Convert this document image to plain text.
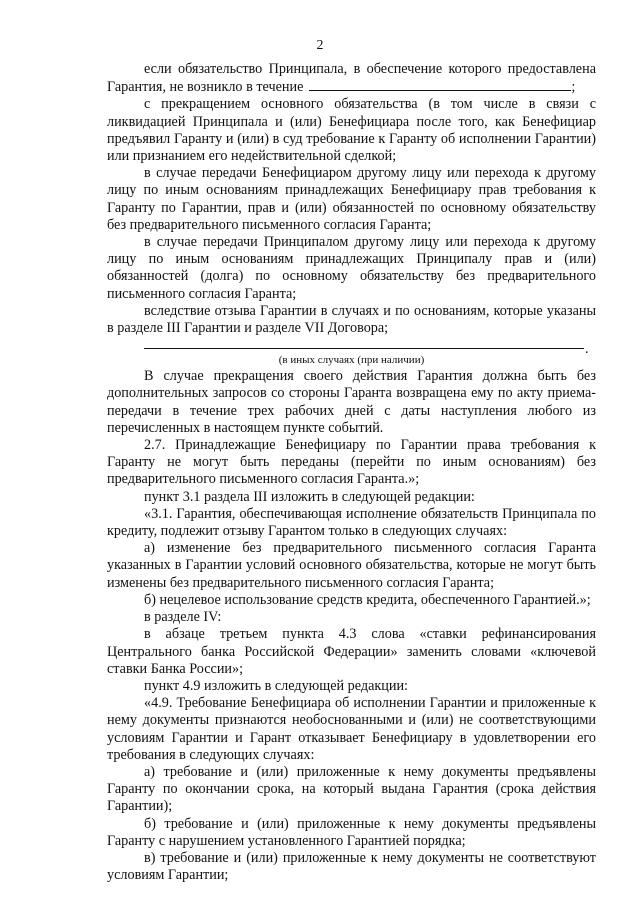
2

если обязательство Принципала, в обеспечение которого предоставлена Гарантия, не возникло в течение	;

с прекращением основного обязательства (в том числе в связи с ликвидацией Принципала и (или) Бенефициара после того, как Бенефициар предъявил Гаранту и (или) в суд требование к Гаранту об исполнении Гарантии) или признанием его недействительной сделкой;

в случае передачи Бенефициаром другому лицу или перехода к другому лицу по иным основаниям принадлежащих Бенефициару прав требования к Гаранту по Гарантии, прав и (или) обязанностей по основному обязательству без предварительного письменного согласия Гаранта;

в случае передачи Принципалом другому лицу или перехода к другому лицу по иным основаниям принадлежащих Принципалу прав и (или) обязанностей (долга) по основному обязательству без предварительного письменного согласия Гаранта;

вследствие отзыва Гарантии в случаях и по основаниям, которые указаны в разделе III Гарантии и разделе VII Договора;

.

(в иных случаях (при наличии)

В случае прекращения своего действия Гарантия должна быть без дополнительных запросов со стороны Гаранта возвращена ему по акту приема-передачи в течение трех рабочих дней с даты наступления любого из перечисленных в настоящем пункте событий.

2.7. Принадлежащие Бенефициару по Гарантии права требования к Гаранту не могут быть переданы (перейти по иным основаниям) без предварительного письменного согласия Гаранта.»;

пункт 3.1 раздела III изложить в следующей редакции:

«3.1. Гарантия, обеспечивающая исполнение обязательств Принципала по кредиту, подлежит отзыву Гарантом только в следующих случаях:

а) изменение без предварительного письменного согласия Гаранта указанных в Гарантии условий основного обязательства, которые не могут быть изменены без предварительного письменного согласия Гаранта;

б) нецелевое использование средств кредита, обеспеченного Гарантией.»;

в разделе IV:

в абзаце третьем пункта 4.3 слова «ставки рефинансирования Центрального банка Российской Федерации» заменить словами «ключевой ставки Банка России»;

пункт 4.9 изложить в следующей редакции:

«4.9. Требование Бенефициара об исполнении Гарантии и приложенные к нему документы признаются необоснованными и (или) не соответствующими условиям Гарантии и Гарант отказывает Бенефициару в удовлетворении его требования в следующих случаях:

а) требование и (или) приложенные к нему документы предъявлены Гаранту по окончании срока, на который выдана Гарантия (срока действия Гарантии);

б) требование и (или) приложенные к нему документы предъявлены Гаранту с нарушением установленного Гарантией порядка;

в) требование и (или) приложенные к нему документы не соответствуют условиям Гарантии;
